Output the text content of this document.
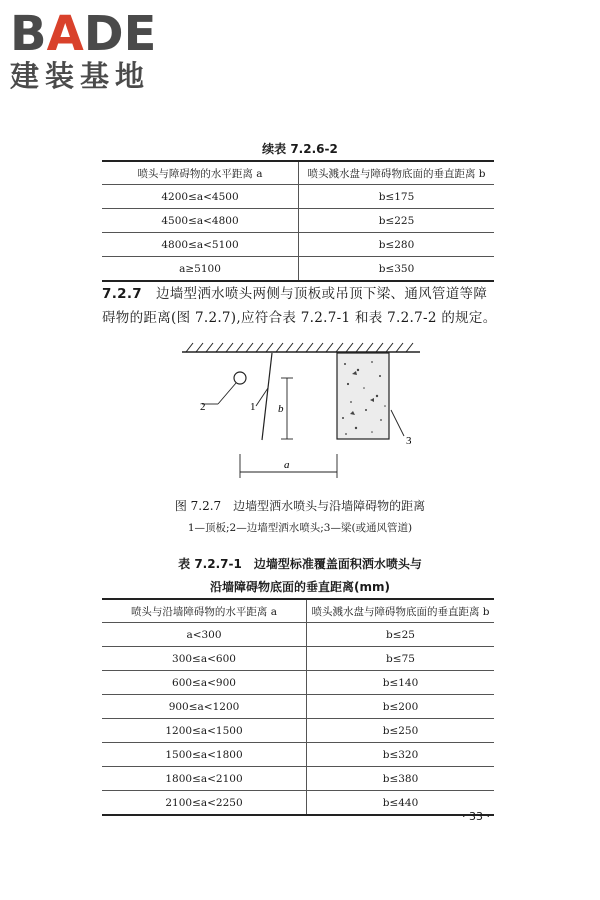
BADE
建装基地
续表 7.2.6-2
喷头与障碍物的水平距离 a	喷头溅水盘与障碍物底面的垂直距离 b
4200≤a<4500	b≤175
4500≤a<4800	b≤225
4800≤a<5100	b≤280
a≥5100	b≤350
7.2.7 边墙型洒水喷头两侧与顶板或吊顶下梁、通风管道等障碍物的距离(图 7.2.7),应符合表 7.2.7-1 和表 7.2.7-2 的规定。
2	1 b
3
a
图 7.2.7　边墙型洒水喷头与沿墙障碍物的距离
1—顶板;2—边墙型洒水喷头;3—梁(或通风管道)
表 7.2.7-1　边墙型标准覆盖面积洒水喷头与
沿墙障碍物底面的垂直距离(mm)
喷头与沿墙障碍物的水平距离 a	喷头溅水盘与障碍物底面的垂直距离 b
a<300	b≤25
300≤a<600	b≤75
600≤a<900	b≤140
900≤a<1200	b≤200
1200≤a<1500	b≤250
1500≤a<1800	b≤320
1800≤a<2100	b≤380
2100≤a<2250	b≤440
· 33 ·
